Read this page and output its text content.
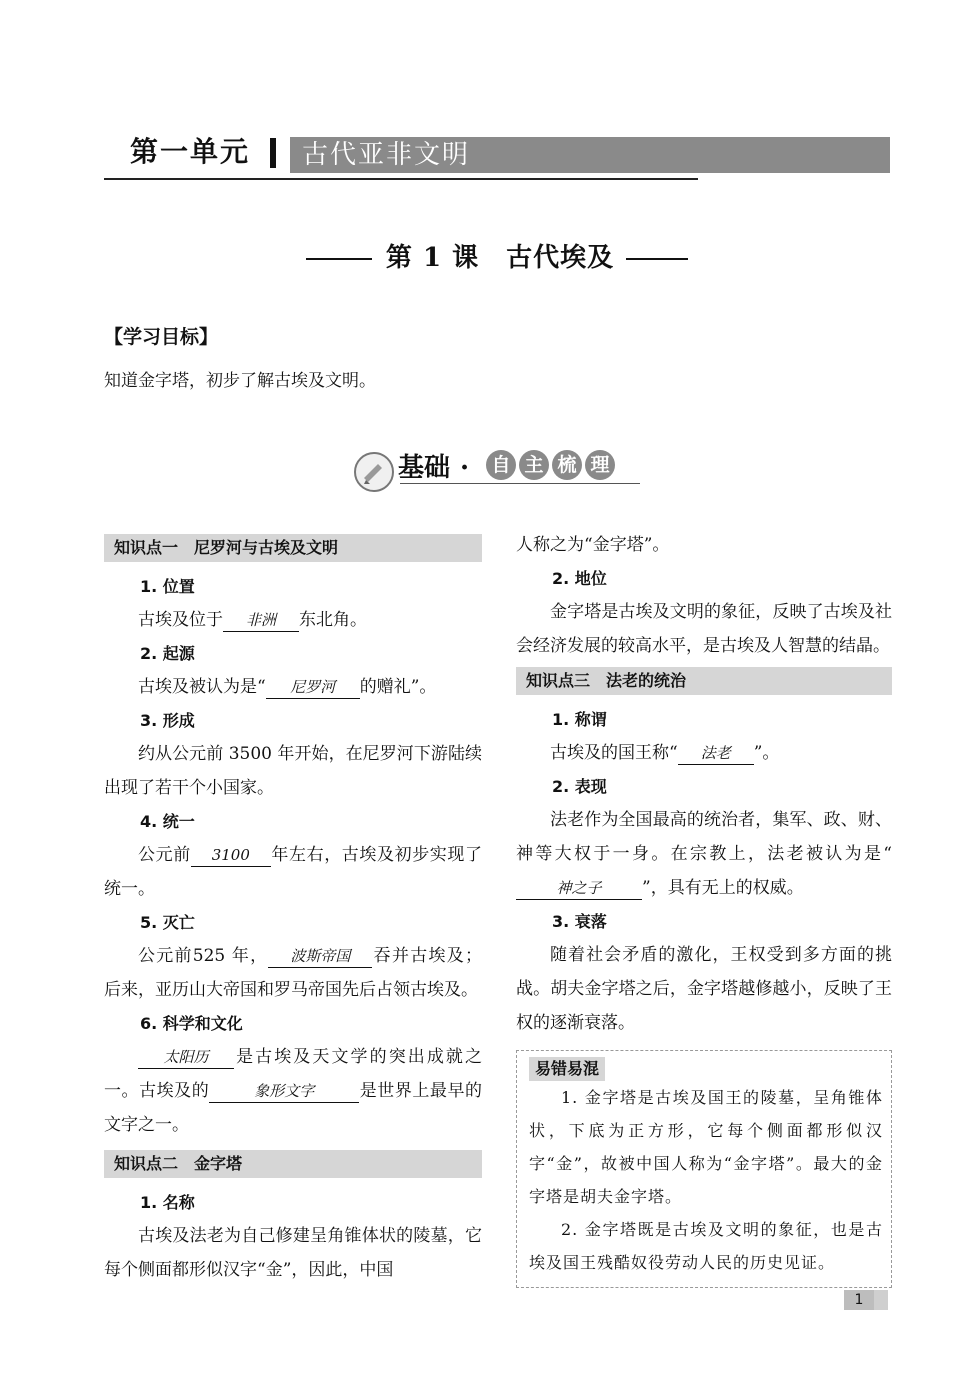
第一单元 古代亚非文明
第 1 课　古代埃及
【学习目标】
知道金字塔，初步了解古埃及文明。
基础 · 自 主 梳 理
知识点一　尼罗河与古埃及文明
1. 位置
古埃及位于 非洲 东北角。
2. 起源
古埃及被认为是“ 尼罗河 的赠礼”。
3. 形成
约从公元前 3500 年开始，在尼罗河下游陆续出现了若干个小国家。
4. 统一
公元前 3100 年左右，古埃及初步实现了统一。
5. 灭亡
公元前525 年， 波斯帝国 吞并古埃及；后来，亚历山大帝国和罗马帝国先后占领古埃及。
6. 科学和文化
太阳历 是古埃及天文学的突出成就之一。古埃及的	象形文字	是世界上最早的文字之一。
知识点二　金字塔
1. 名称
古埃及法老为自己修建呈角锥体状的陵墓，它每个侧面都形似汉字“金”，因此，中国
人称之为“金字塔”。
2. 地位
金字塔是古埃及文明的象征，反映了古埃及社会经济发展的较高水平，是古埃及人智慧的结晶。
知识点三　法老的统治
1. 称谓
古埃及的国王称“ 法老 ”。
2. 表现
法老作为全国最高的统治者，集军、政、财、神等大权于一身。在宗教上，法老被认为是“神之子 ”，具有无上的权威。
3. 衰落
随着社会矛盾的激化，王权受到多方面的挑战。胡夫金字塔之后，金字塔越修越小，反映了王权的逐渐衰落。
易错易混
1. 金字塔是古埃及国王的陵墓，呈角锥体状，下底为正方形，它每个侧面都形似汉字“金”，故被中国人称为“金字塔”。最大的金字塔是胡夫金字塔。
2. 金字塔既是古埃及文明的象征，也是古埃及国王残酷奴役劳动人民的历史见证。
1
